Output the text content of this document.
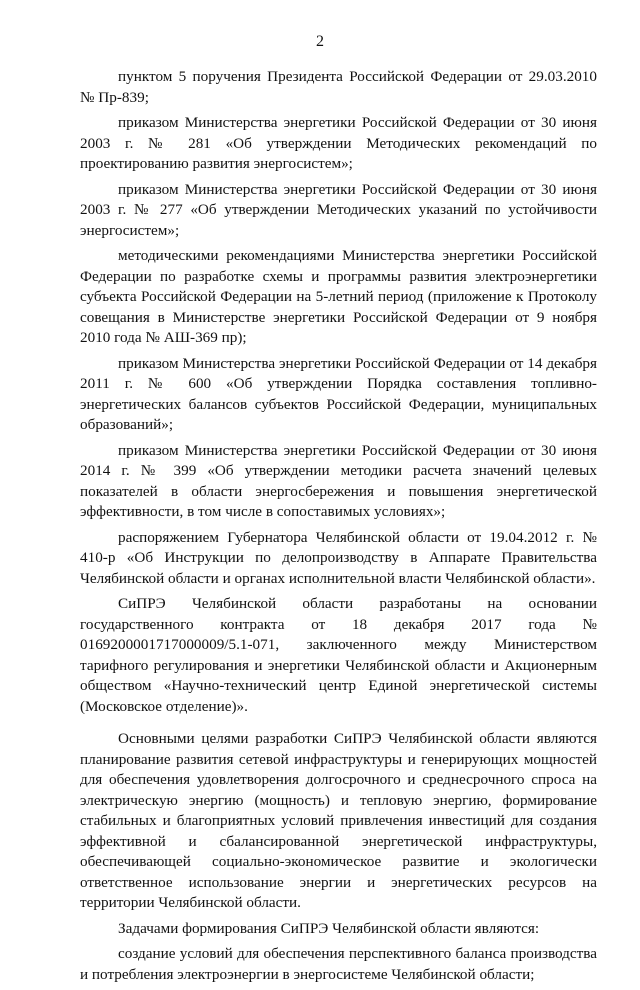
2

пунктом 5 поручения Президента Российской Федерации от 29.03.2010 № Пр-839;

приказом Министерства энергетики Российской Федерации от 30 июня 2003 г. № 281 «Об утверждении Методических рекомендаций по проектированию развития энергосистем»;

приказом Министерства энергетики Российской Федерации от 30 июня 2003 г. № 277 «Об утверждении Методических указаний по устойчивости энергосистем»;

методическими рекомендациями Министерства энергетики Российской Федерации по разработке схемы и программы развития электроэнергетики субъекта Российской Федерации на 5-летний период (приложение к Протоколу совещания в Министерстве энергетики Российской Федерации от 9 ноября 2010 года № АШ-369 пр);

приказом Министерства энергетики Российской Федерации от 14 декабря 2011 г. № 600 «Об утверждении Порядка составления топливно-энергетических балансов субъектов Российской Федерации, муниципальных образований»;

приказом Министерства энергетики Российской Федерации от 30 июня 2014 г. № 399 «Об утверждении методики расчета значений целевых показателей в области энергосбережения и повышения энергетической эффективности, в том числе в сопоставимых условиях»;

распоряжением Губернатора Челябинской области от 19.04.2012 г. № 410-р «Об Инструкции по делопроизводству в Аппарате Правительства Челябинской области и органах исполнительной власти Челябинской области».

СиПРЭ Челябинской области разработаны на основании государственного контракта от 18 декабря 2017 года № 0169200001717000009/5.1-071, заключенного между Министерством тарифного регулирования и энергетики Челябинской области и Акционерным обществом «Научно-технический центр Единой энергетической системы (Московское отделение)».

Основными целями разработки СиПРЭ Челябинской области являются планирование развития сетевой инфраструктуры и генерирующих мощностей для обеспечения удовлетворения долгосрочного и среднесрочного спроса на электрическую энергию (мощность) и тепловую энергию, формирование стабильных и благоприятных условий привлечения инвестиций для создания эффективной и сбалансированной энергетической инфраструктуры, обеспечивающей социально-экономическое развитие и экологически ответственное использование энергии и энергетических ресурсов на территории Челябинской области.

Задачами формирования СиПРЭ Челябинской области являются:

создание условий для обеспечения перспективного баланса производства и потребления электроэнергии в энергосистеме Челябинской области;
